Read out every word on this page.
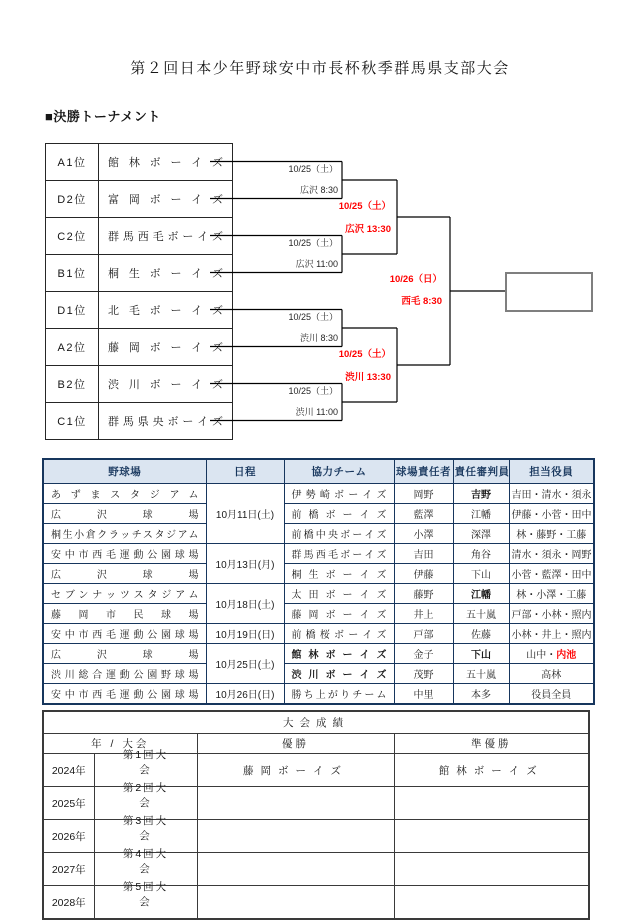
第２回日本少年野球安中市長杯秋季群馬県支部大会
■決勝トーナメント
A1位	館林ボーイズ
D2位	富岡ボーイズ
C2位	群馬西毛ボーイズ
B1位	桐生ボーイズ
D1位	北毛ボーイズ
A2位	藤岡ボーイズ
B2位	渋川ボーイズ
C1位	群馬県央ボーイズ
10/25（土）
広沢 8:30
10/25（土）
広沢 11:00
10/25（土）
渋川 8:30
10/25（土）
渋川 11:00
10/25（土）
広沢 13:30
10/25（土）
渋川 13:30
10/26（日）
西毛 8:30
野球場	日程	協力チーム	球場責任者	責任審判員	担当役員
あずまスタジアム	10月11日(土)	伊勢崎ボーイズ	岡野	吉野	吉田・清水・須永
広沢球場		前橋ボーイズ	藍澤	江幡	伊藤・小菅・田中
桐生小倉クラッチスタジアム		前橋中央ボーイズ	小澤	深澤	林・藤野・工藤
安中市西毛運動公園球場	10月13日(月)	群馬西毛ボーイズ	吉田	角谷	清水・須永・岡野
広沢球場		桐生ボーイズ	伊藤	下山	小菅・藍澤・田中
セブンナッツスタジアム	10月18日(土)	太田ボーイズ	藤野	江幡	林・小澤・工藤
藤岡市民球場		藤岡ボーイズ	井上	五十嵐	戸部・小林・照内
安中市西毛運動公園球場	10月19日(日)	前橋桜ボーイズ	戸部	佐藤	小林・井上・照内
広沢球場	10月25日(土)	館林ボーイズ	金子	下山	山中・内池
渋川総合運動公園野球場		渋川ボーイズ	茂野	五十嵐	高林
安中市西毛運動公園球場	10月26日(日)	勝ち上がりチーム	中里	本多	役員全員
大会成績			
年 / 大会		優勝	準優勝
2024年	第1回大会	藤岡ボーイズ	館林ボーイズ
2025年	第2回大会		
2026年	第3回大会		
2027年	第4回大会		
2028年	第5回大会		
